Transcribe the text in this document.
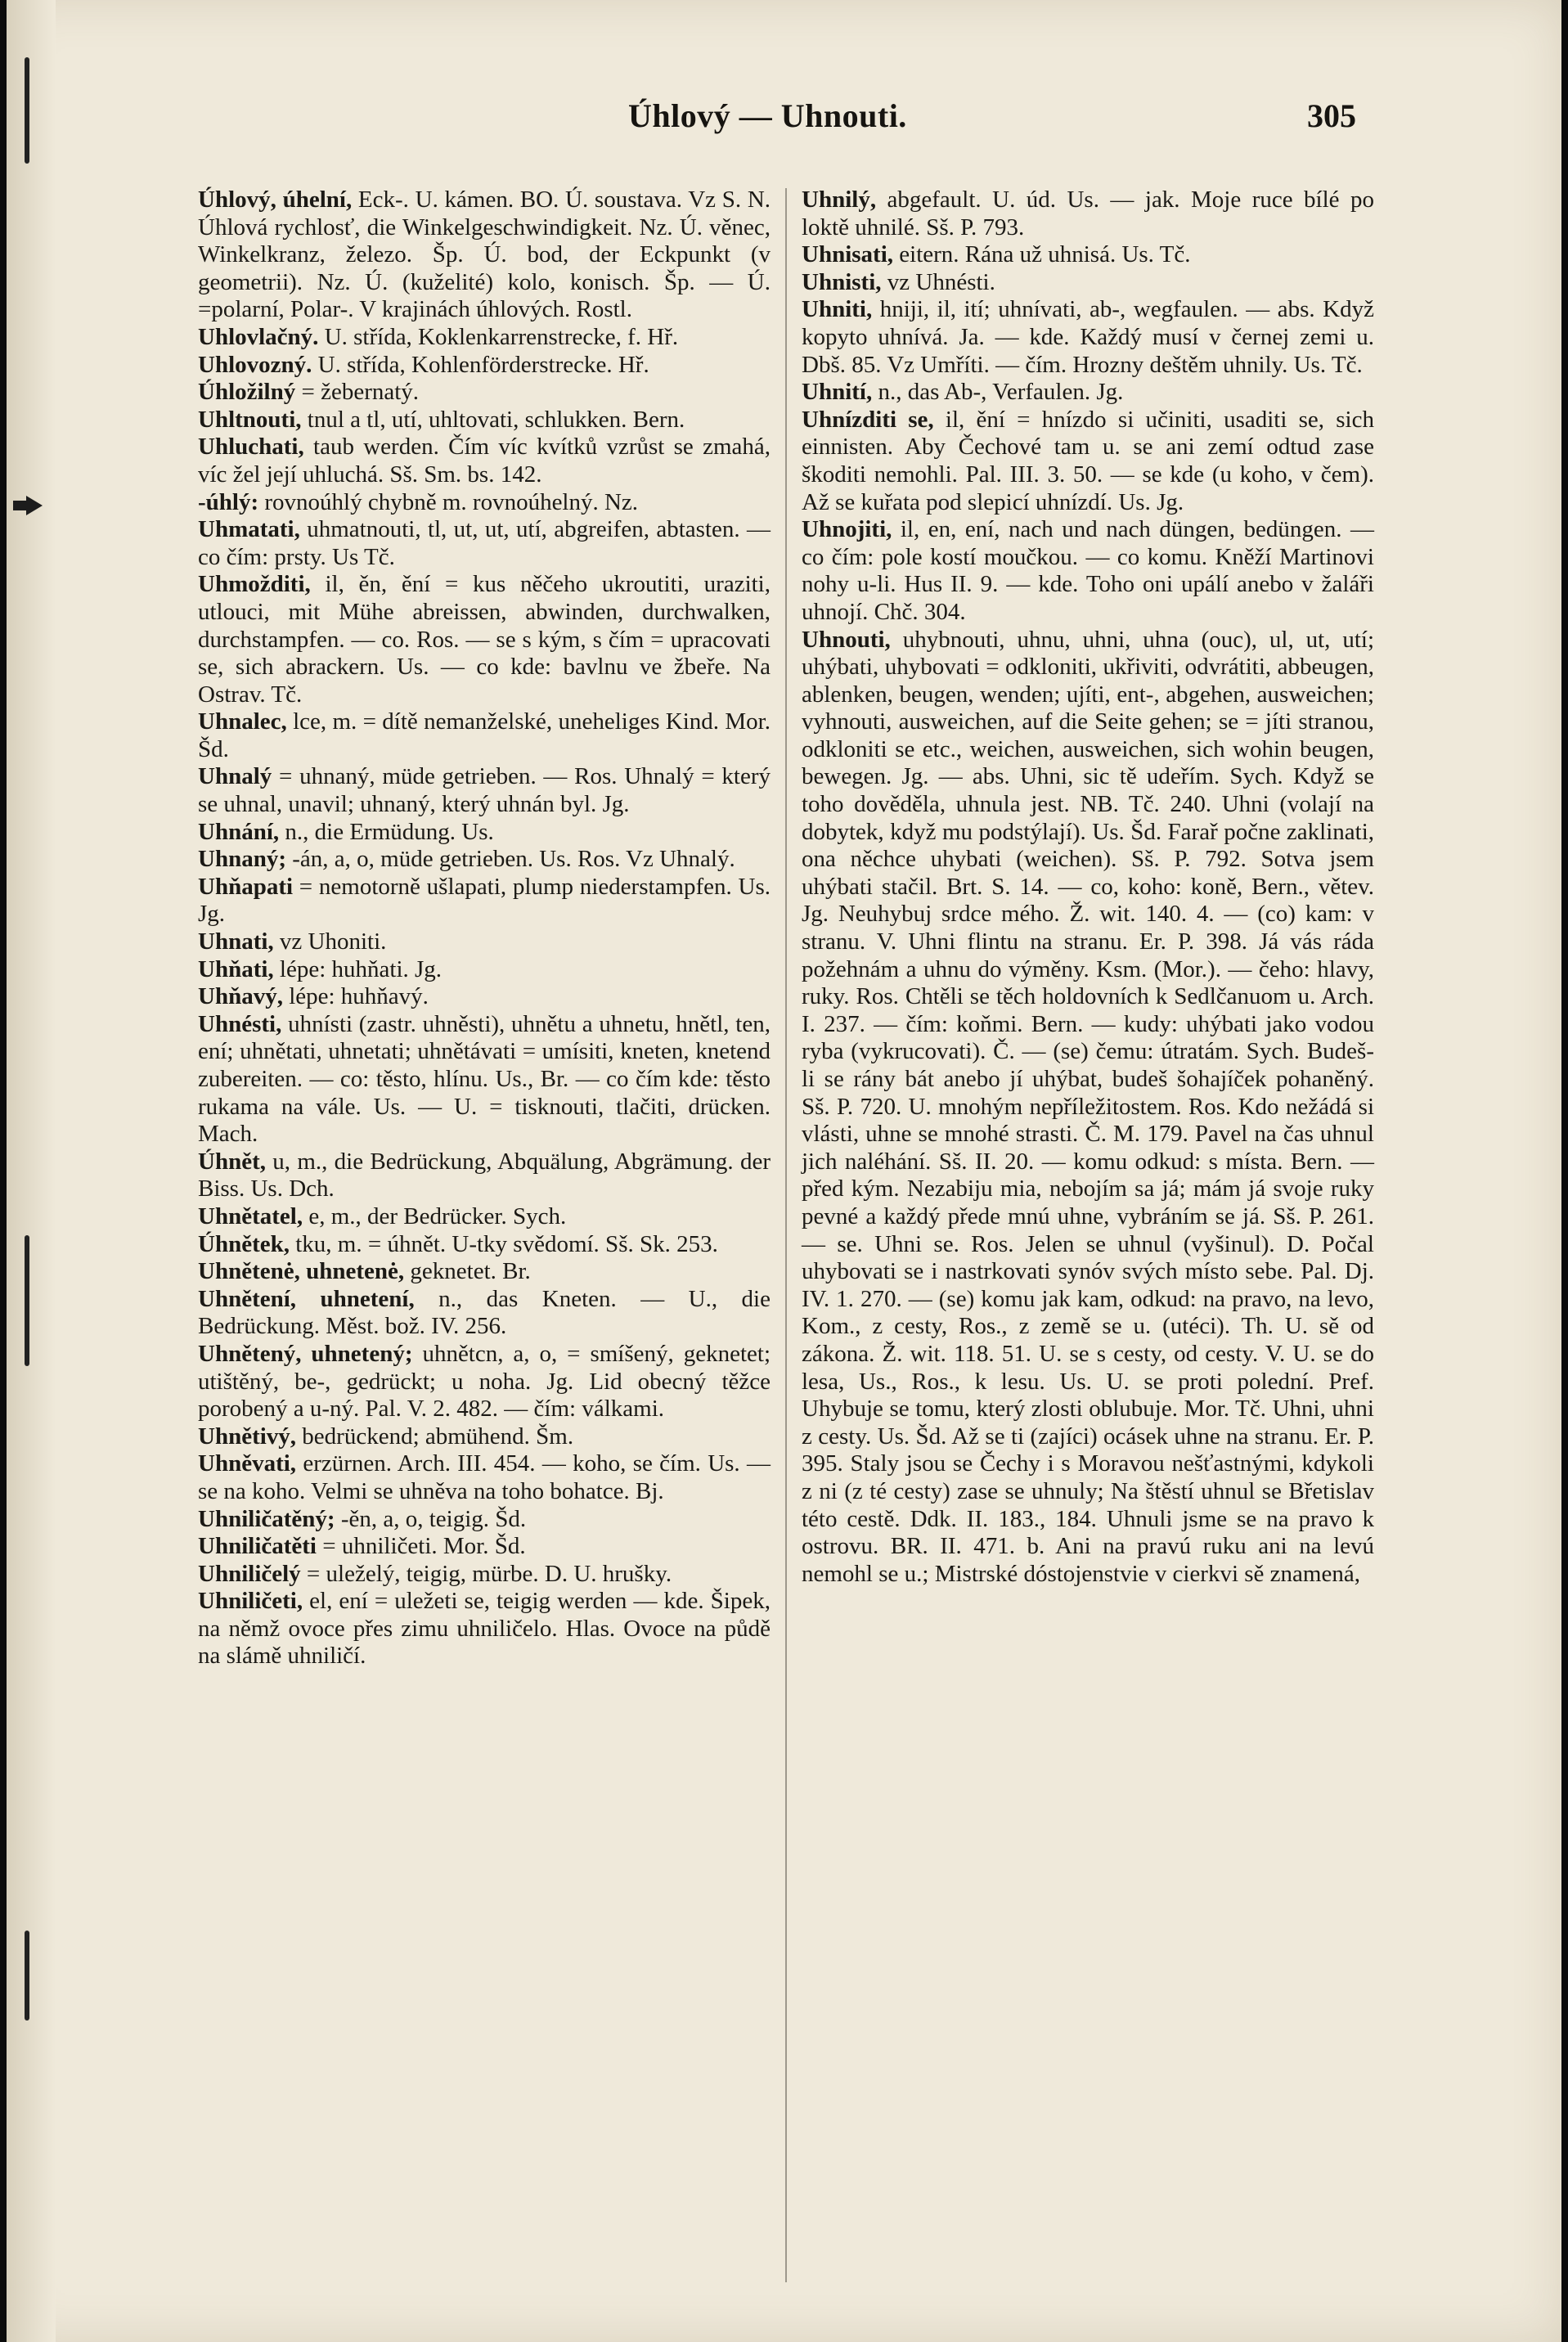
Úhlový — Uhnouti.	305

Úhlový, úhelní, Eck-. U. kámen. BO. Ú. soustava. Vz S. N. Úhlová rychlosť, die Winkelgeschwindigkeit. Nz. Ú. věnec, Winkelkranz, železo. Šp. Ú. bod, der Eckpunkt (v geometrii). Nz. Ú. (kuželité) kolo, konisch. Šp. — Ú. =polarní, Polar-. V krajinách úhlových. Rostl.

Uhlovlačný. U. střída, Koklenkarrenstrecke, f. Hř.

Uhlovozný. U. střída, Kohlenförderstrecke. Hř.

Úhložilný = žebernatý.

Uhltnouti, tnul a tl, utí, uhltovati, schlukken. Bern.

Uhluchati, taub werden. Čím víc kvítků vzrůst se zmahá, víc žel její uhluchá. Sš. Sm. bs. 142.

-úhlý: rovnoúhlý chybně m. rovnoúhelný. Nz.

Uhmatati, uhmatnouti, tl, ut, ut, utí, abgreifen, abtasten. — co čím: prsty. Us Tč.

Uhmožditi, il, ěn, ění = kus něčeho ukroutiti, uraziti, utlouci, mit Mühe abreissen, abwinden, durchwalken, durchstampfen. — co. Ros. — se s kým, s čím = upracovati se, sich abrackern. Us. — co kde: bavlnu ve žbeře. Na Ostrav. Tč.

Uhnalec, lce, m. = dítě nemanželské, uneheliges Kind. Mor. Šd.

Uhnalý = uhnaný, müde getrieben. — Ros. Uhnalý = který se uhnal, unavil; uhnaný, který uhnán byl. Jg.

Uhnání, n., die Ermüdung. Us.

Uhnaný; -án, a, o, müde getrieben. Us. Ros. Vz Uhnalý.

Uhňapati = nemotorně ušlapati, plump niederstampfen. Us. Jg.

Uhnati, vz Uhoniti.

Uhňati, lépe: huhňati. Jg.

Uhňavý, lépe: huhňavý.

Uhnésti, uhnísti (zastr. uhněsti), uhnětu a uhnetu, hnětl, ten, ení; uhnětati, uhnetati; uhnětávati = umísiti, kneten, knetend zubereiten. — co: těsto, hlínu. Us., Br. — co čím kde: těsto rukama na vále. Us. — U. = tisknouti, tlačiti, drücken. Mach.

Úhnět, u, m., die Bedrückung, Abquälung, Abgrämung. der Biss. Us. Dch.

Uhnětatel, e, m., der Bedrücker. Sych.

Úhnětek, tku, m. = úhnět. U-tky svědomí. Sš. Sk. 253.

Uhnětenė, uhnetenė, geknetet. Br.

Uhnětení, uhnetení, n., das Kneten. — U., die Bedrückung. Měst. bož. IV. 256.

Uhnětený, uhnetený; uhnětcn, a, o, = smíšený, geknetet; utištěný, be-, gedrückt; u noha. Jg. Lid obecný těžce porobený a u-ný. Pal. V. 2. 482. — čím: válkami.

Uhnětivý, bedrückend; abmühend. Šm.

Uhněvati, erzürnen. Arch. III. 454. — koho, se čím. Us. — se na koho. Velmi se uhněva na toho bohatce. Bj.

Uhniličatěný; -ěn, a, o, teigig. Šd.

Uhniličatěti = uhniličeti. Mor. Šd.

Uhniličelý = uleželý, teigig, mürbe. D. U. hrušky.

Uhniličeti, el, ení = uležeti se, teigig werden — kde. Šipek, na němž ovoce přes zimu uhniličelo. Hlas. Ovoce na půdě na slámě uhniličí.

Uhnilý, abgefault. U. úd. Us. — jak. Moje ruce bílé po loktě uhnilé. Sš. P. 793.

Uhnisati, eitern. Rána už uhnisá. Us. Tč.

Uhnisti, vz Uhnésti.

Uhniti, hniji, il, ití; uhnívati, ab-, wegfaulen. — abs. Když kopyto uhnívá. Ja. — kde. Každý musí v černej zemi u. Dbš. 85. Vz Umříti. — čím. Hrozny deštěm uhnily. Us. Tč.

Uhnití, n., das Ab-, Verfaulen. Jg.

Uhnízditi se, il, ění = hnízdo si učiniti, usaditi se, sich einnisten. Aby Čechové tam u. se ani zemí odtud zase škoditi nemohli. Pal. III. 3. 50. — se kde (u koho, v čem). Až se kuřata pod slepicí uhnízdí. Us. Jg.

Uhnojiti, il, en, ení, nach und nach düngen, bedüngen. — co čím: pole kostí moučkou. — co komu. Kněží Martinovi nohy u-li. Hus II. 9. — kde. Toho oni upálí anebo v žaláři uhnojí. Chč. 304.

Uhnouti, uhybnouti, uhnu, uhni, uhna (ouc), ul, ut, utí; uhýbati, uhybovati = odkloniti, ukřiviti, odvrátiti, abbeugen, ablenken, beugen, wenden; ujíti, ent-, abgehen, ausweichen; vyhnouti, ausweichen, auf die Seite gehen; se = jíti stranou, odkloniti se etc., weichen, ausweichen, sich wohin beugen, bewegen. Jg. — abs. Uhni, sic tě udeřím. Sych. Když se toho dověděla, uhnula jest. NB. Tč. 240. Uhni (volají na dobytek, když mu podstýlají). Us. Šd. Farař počne zaklinati, ona něchce uhybati (weichen). Sš. P. 792. Sotva jsem uhýbati stačil. Brt. S. 14. — co, koho: koně, Bern., větev. Jg. Neuhybuj srdce mého. Ž. wit. 140. 4. — (co) kam: v stranu. V. Uhni flintu na stranu. Er. P. 398. Já vás ráda požehnám a uhnu do výměny. Ksm. (Mor.). — čeho: hlavy, ruky. Ros. Chtěli se těch holdovních k Sedlčanuom u. Arch. I. 237. — čím: koňmi. Bern. — kudy: uhýbati jako vodou ryba (vykrucovati). Č. — (se) čemu: útratám. Sych. Budeš-li se rány bát anebo jí uhýbat, budeš šohajíček pohaněný. Sš. P. 720. U. mnohým nepříležitostem. Ros. Kdo nežádá si vlásti, uhne se mnohé strasti. Č. M. 179. Pavel na čas uhnul jich naléhání. Sš. II. 20. — komu odkud: s místa. Bern. — před kým. Nezabiju mia, nebojím sa já; mám já svoje ruky pevné a každý přede mnú uhne, vybráním se já. Sš. P. 261. — se. Uhni se. Ros. Jelen se uhnul (vyšinul). D. Počal uhybovati se i nastrkovati synóv svých místo sebe. Pal. Dj. IV. 1. 270. — (se) komu jak kam, odkud: na pravo, na levo, Kom., z cesty, Ros., z země se u. (utéci). Th. U. sě od zákona. Ž. wit. 118. 51. U. se s cesty, od cesty. V. U. se do lesa, Us., Ros., k lesu. Us. U. se proti polední. Pref. Uhybuje se tomu, který zlosti oblubuje. Mor. Tč. Uhni, uhni z cesty. Us. Šd. Až se ti (zajíci) ocásek uhne na stranu. Er. P. 395. Staly jsou se Čechy i s Moravou nešťastnými, kdykoli z ni (z té cesty) zase se uhnuly; Na štěstí uhnul se Břetislav této cestě. Ddk. II. 183., 184. Uhnuli jsme se na pravo k ostrovu. BR. II. 471. b. Ani na pravú ruku ani na levú nemohl se u.; Mistrské dóstojenstvie v cierkvi sě znamená,
